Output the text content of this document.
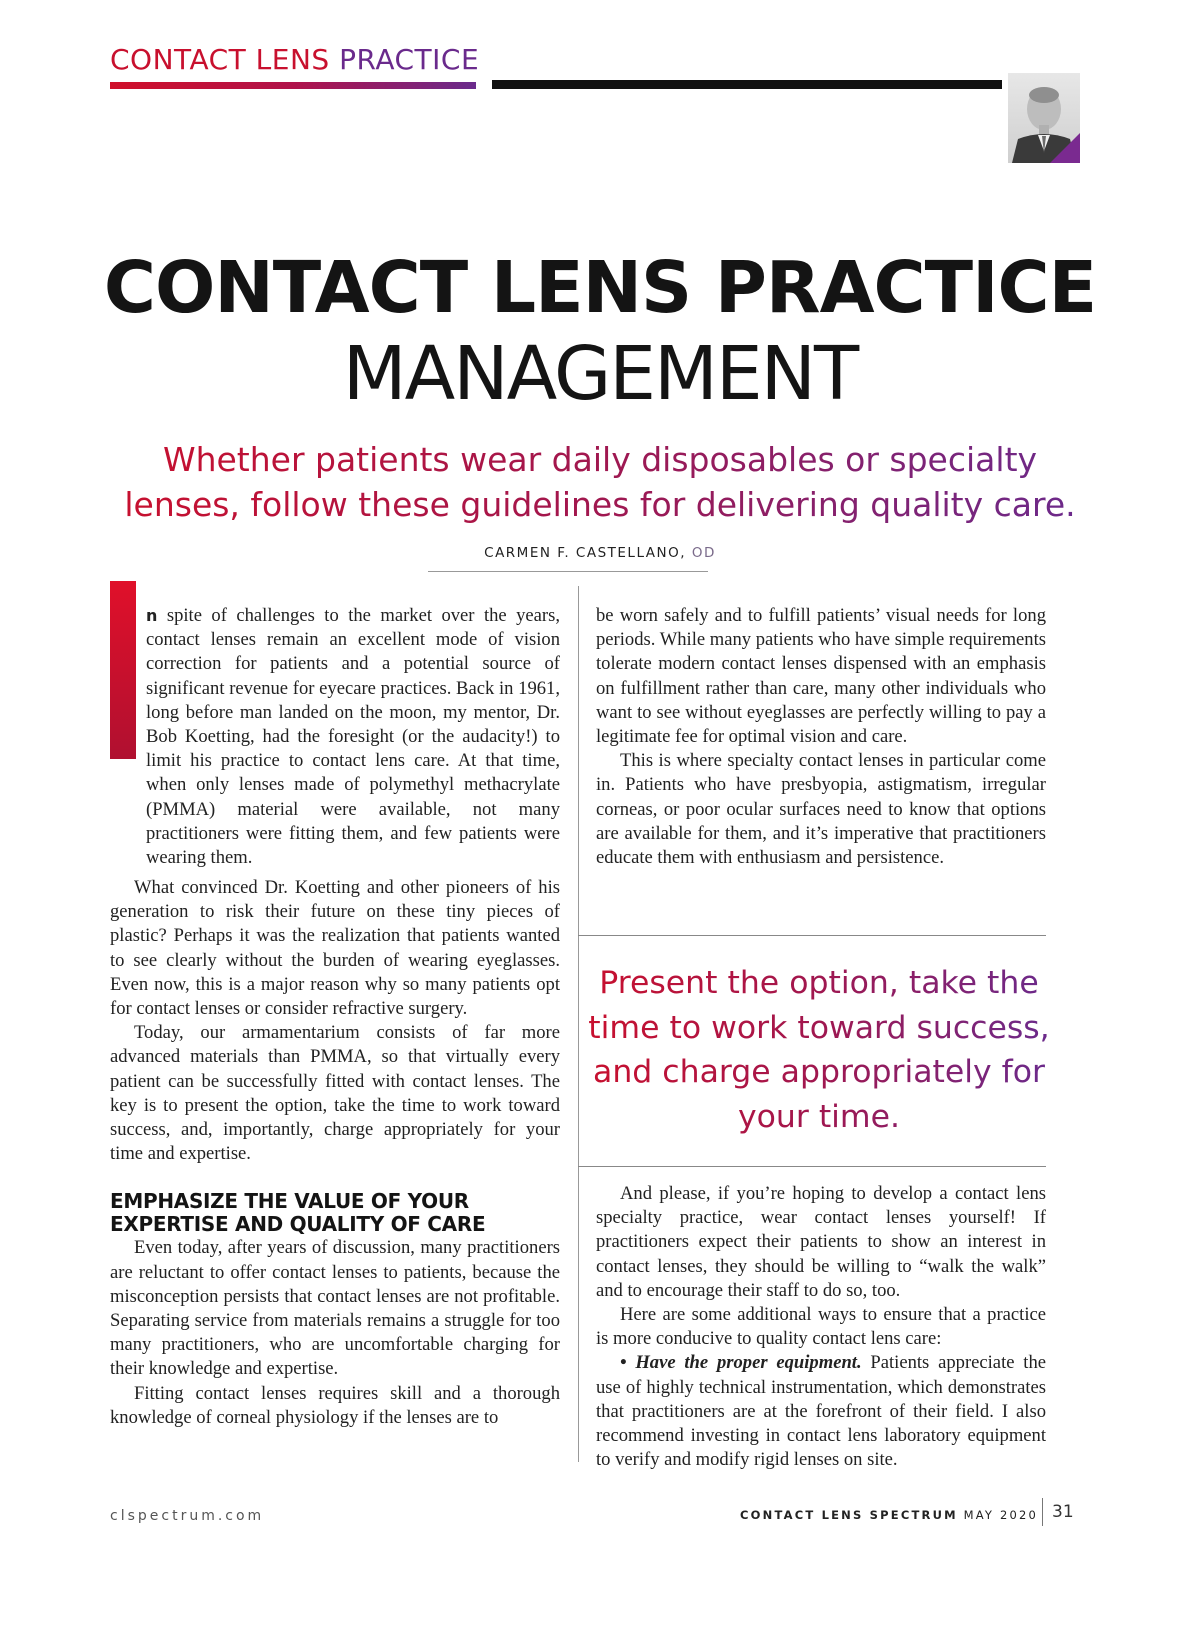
CONTACT LENS PRACTICE
CONTACT LENS PRACTICE
MANAGEMENT
Whether patients wear daily disposables or specialty lenses, follow these guidelines for delivering quality care.
CARMEN F. CASTELLANO, OD

n spite of challenges to the market over the years, contact lenses remain an excellent mode of vision correction for patients and a potential source of significant revenue for eyecare practices. Back in 1961, long before man landed on the moon, my mentor, Dr. Bob Koetting, had the foresight (or the audacity!) to limit his practice to contact lens care. At that time, when only lenses made of polymethyl methacrylate (PMMA) material were available, not many practitioners were fitting them, and few patients were wearing them.

What convinced Dr. Koetting and other pioneers of his generation to risk their future on these tiny pieces of plastic? Perhaps it was the realization that patients wanted to see clearly without the burden of wearing eyeglasses. Even now, this is a major reason why so many patients opt for contact lenses or consider refractive surgery.

Today, our armamentarium consists of far more advanced materials than PMMA, so that virtually every patient can be successfully fitted with contact lenses. The key is to present the option, take the time to work toward success, and, importantly, charge appropriately for your time and expertise.

EMPHASIZE THE VALUE OF YOUR EXPERTISE AND QUALITY OF CARE

Even today, after years of discussion, many practitioners are reluctant to offer contact lenses to patients, because the misconception persists that contact lenses are not profitable. Separating service from materials remains a struggle for too many practitioners, who are uncomfortable charging for their knowledge and expertise.

Fitting contact lenses requires skill and a thorough knowledge of corneal physiology if the lenses are to

be worn safely and to fulfill patients’ visual needs for long periods. While many patients who have simple requirements tolerate modern contact lenses dispensed with an emphasis on fulfillment rather than care, many other individuals who want to see without eyeglasses are perfectly willing to pay a legitimate fee for optimal vision and care.

This is where specialty contact lenses in particular come in. Patients who have presbyopia, astigmatism, irregular corneas, or poor ocular surfaces need to know that options are available for them, and it’s imperative that practitioners educate them with enthusiasm and persistence.

Present the option, take the time to work toward success, and charge appropriately for your time.

And please, if you’re hoping to develop a contact lens specialty practice, wear contact lenses yourself! If practitioners expect their patients to show an interest in contact lenses, they should be willing to “walk the walk” and to encourage their staff to do so, too.

Here are some additional ways to ensure that a practice is more conducive to quality contact lens care:

• Have the proper equipment. Patients appreciate the use of highly technical instrumentation, which demonstrates that practitioners are at the forefront of their field. I also recommend investing in contact lens laboratory equipment to verify and modify rigid lenses on site.

clspectrum.com	CONTACT LENS SPECTRUM MAY 2020 31
